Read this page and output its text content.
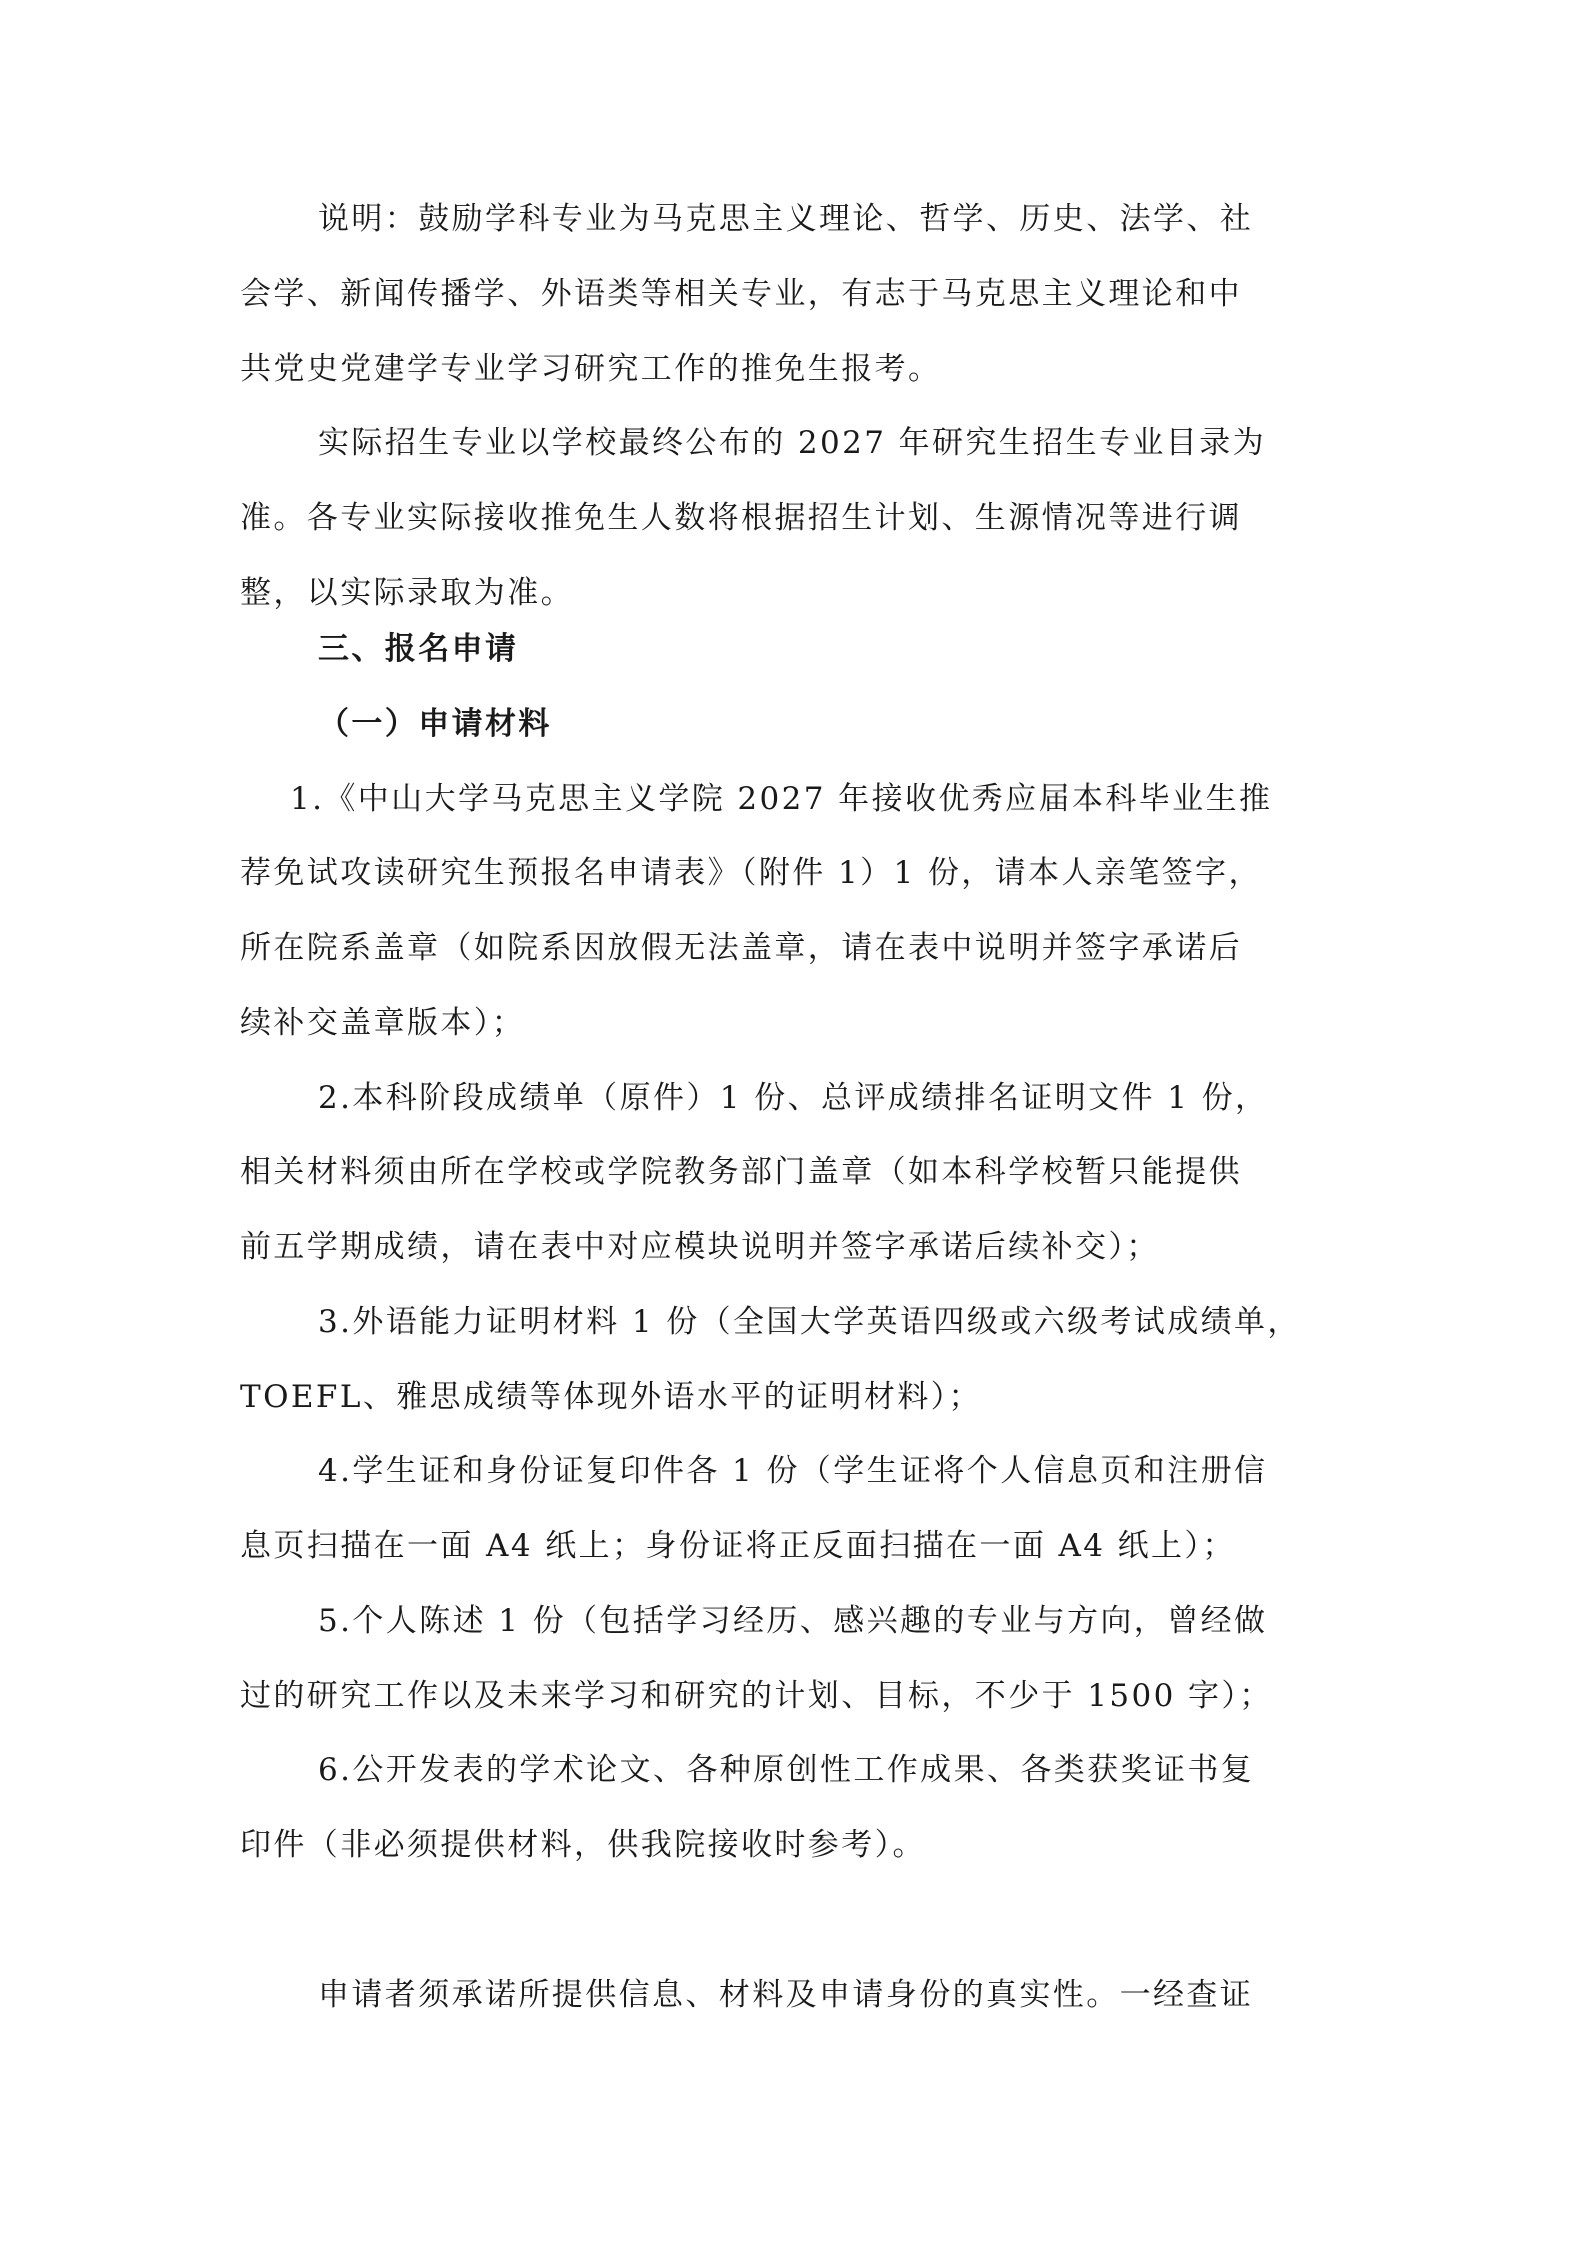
说明：鼓励学科专业为马克思主义理论、哲学、历史、法学、社
会学、新闻传播学、外语类等相关专业，有志于马克思主义理论和中
共党史党建学专业学习研究工作的推免生报考。
实际招生专业以学校最终公布的 2027 年研究生招生专业目录为
准。各专业实际接收推免生人数将根据招生计划、生源情况等进行调
整，以实际录取为准。
三、报名申请
（一）申请材料
1.《中山大学马克思主义学院 2027 年接收优秀应届本科毕业生推
荐免试攻读研究生预报名申请表》（附件 1）1 份，请本人亲笔签字，
所在院系盖章（如院系因放假无法盖章，请在表中说明并签字承诺后
续补交盖章版本）；
2.本科阶段成绩单（原件）1 份、总评成绩排名证明文件 1 份，
相关材料须由所在学校或学院教务部门盖章（如本科学校暂只能提供
前五学期成绩，请在表中对应模块说明并签字承诺后续补交）；
3.外语能力证明材料 1 份（全国大学英语四级或六级考试成绩单，
TOEFL、雅思成绩等体现外语水平的证明材料）；
4.学生证和身份证复印件各 1 份（学生证将个人信息页和注册信
息页扫描在一面 A4 纸上；身份证将正反面扫描在一面 A4 纸上）；
5.个人陈述 1 份（包括学习经历、感兴趣的专业与方向，曾经做
过的研究工作以及未来学习和研究的计划、目标，不少于 1500 字）；
6.公开发表的学术论文、各种原创性工作成果、各类获奖证书复
印件（非必须提供材料，供我院接收时参考）。
申请者须承诺所提供信息、材料及申请身份的真实性。一经查证
